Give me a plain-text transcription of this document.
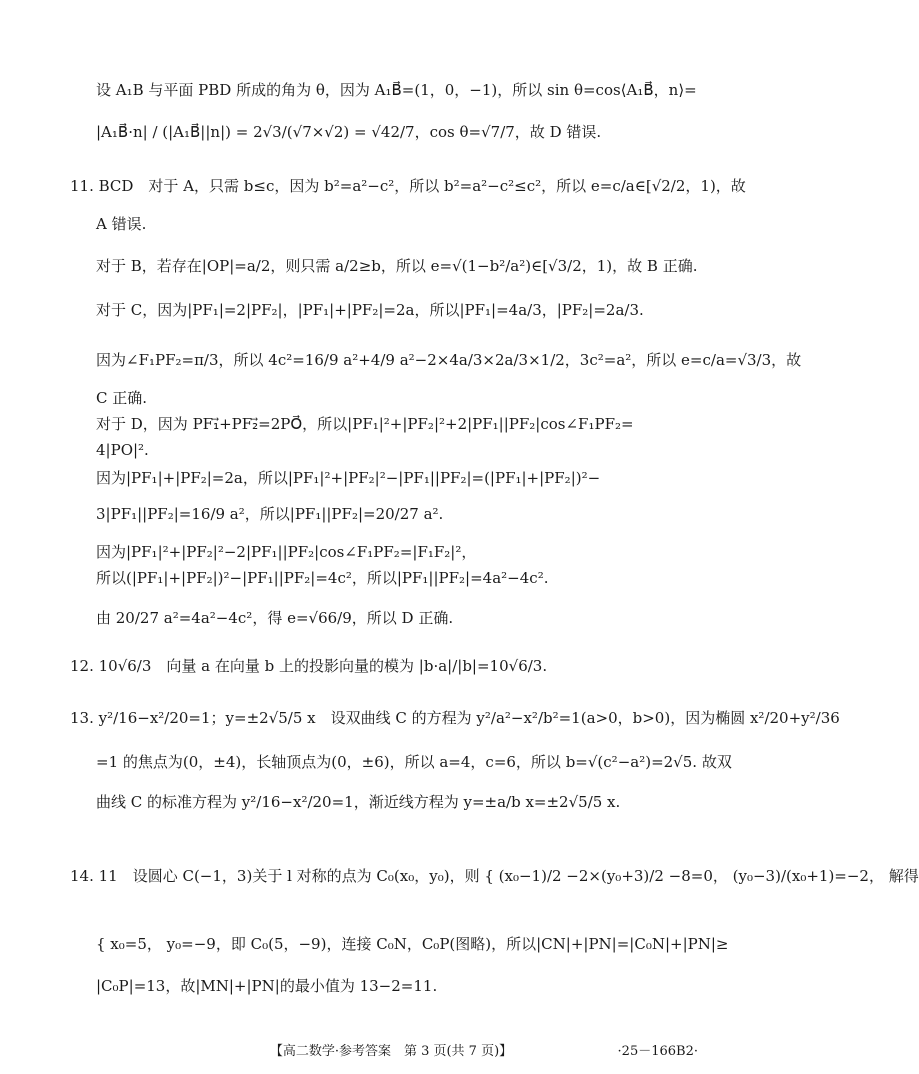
设 A₁B 与平面 PBD 所成的角为 θ，因为 A₁B⃗=(1，0，−1)，所以 sin θ=cos⟨A₁B⃗，n⟩=
|A₁B⃗·n| / (|A₁B⃗||n|) = 2√3/(√7×√2) = √42/7，cos θ=√7/7，故 D 错误.
11. BCD　对于 A，只需 b≤c，因为 b²=a²−c²，所以 b²=a²−c²≤c²，所以 e=c/a∈[√2/2，1)，故
A 错误.
对于 B，若存在|OP|=a/2，则只需 a/2≥b，所以 e=√(1−b²/a²)∈[√3/2，1)，故 B 正确.
对于 C，因为|PF₁|=2|PF₂|，|PF₁|+|PF₂|=2a，所以|PF₁|=4a/3，|PF₂|=2a/3.
因为∠F₁PF₂=π/3，所以 4c²=16/9 a²+4/9 a²−2×4a/3×2a/3×1/2，3c²=a²，所以 e=c/a=√3/3，故
C 正确.
对于 D，因为 PF₁⃗+PF₂⃗=2PO⃗，所以|PF₁|²+|PF₂|²+2|PF₁||PF₂|cos∠F₁PF₂=
4|PO|².
因为|PF₁|+|PF₂|=2a，所以|PF₁|²+|PF₂|²−|PF₁||PF₂|=(|PF₁|+|PF₂|)²−
3|PF₁||PF₂|=16/9 a²，所以|PF₁||PF₂|=20/27 a².
因为|PF₁|²+|PF₂|²−2|PF₁||PF₂|cos∠F₁PF₂=|F₁F₂|²，
所以(|PF₁|+|PF₂|)²−|PF₁||PF₂|=4c²，所以|PF₁||PF₂|=4a²−4c².
由 20/27 a²=4a²−4c²，得 e=√66/9，所以 D 正确.
12. 10√6/3　向量 a 在向量 b 上的投影向量的模为 |b·a|/|b|=10√6/3.
13. y²/16−x²/20=1；y=±2√5/5 x　设双曲线 C 的方程为 y²/a²−x²/b²=1(a>0，b>0)，因为椭圆 x²/20+y²/36
=1 的焦点为(0，±4)，长轴顶点为(0，±6)，所以 a=4，c=6，所以 b=√(c²−a²)=2√5. 故双
曲线 C 的标准方程为 y²/16−x²/20=1，渐近线方程为 y=±a/b x=±2√5/5 x.
14. 11　设圆心 C(−1，3)关于 l 对称的点为 C₀(x₀，y₀)，则 { (x₀−1)/2 −2×(y₀+3)/2 −8=0， (y₀−3)/(x₀+1)=−2， 解得
{ x₀=5， y₀=−9，即 C₀(5，−9)，连接 C₀N，C₀P(图略)，所以|CN|+|PN|=|C₀N|+|PN|≥
|C₀P|=13，故|MN|+|PN|的最小值为 13−2=11.
【高二数学·参考答案　第 3 页(共 7 页)】	·25－166B2·
